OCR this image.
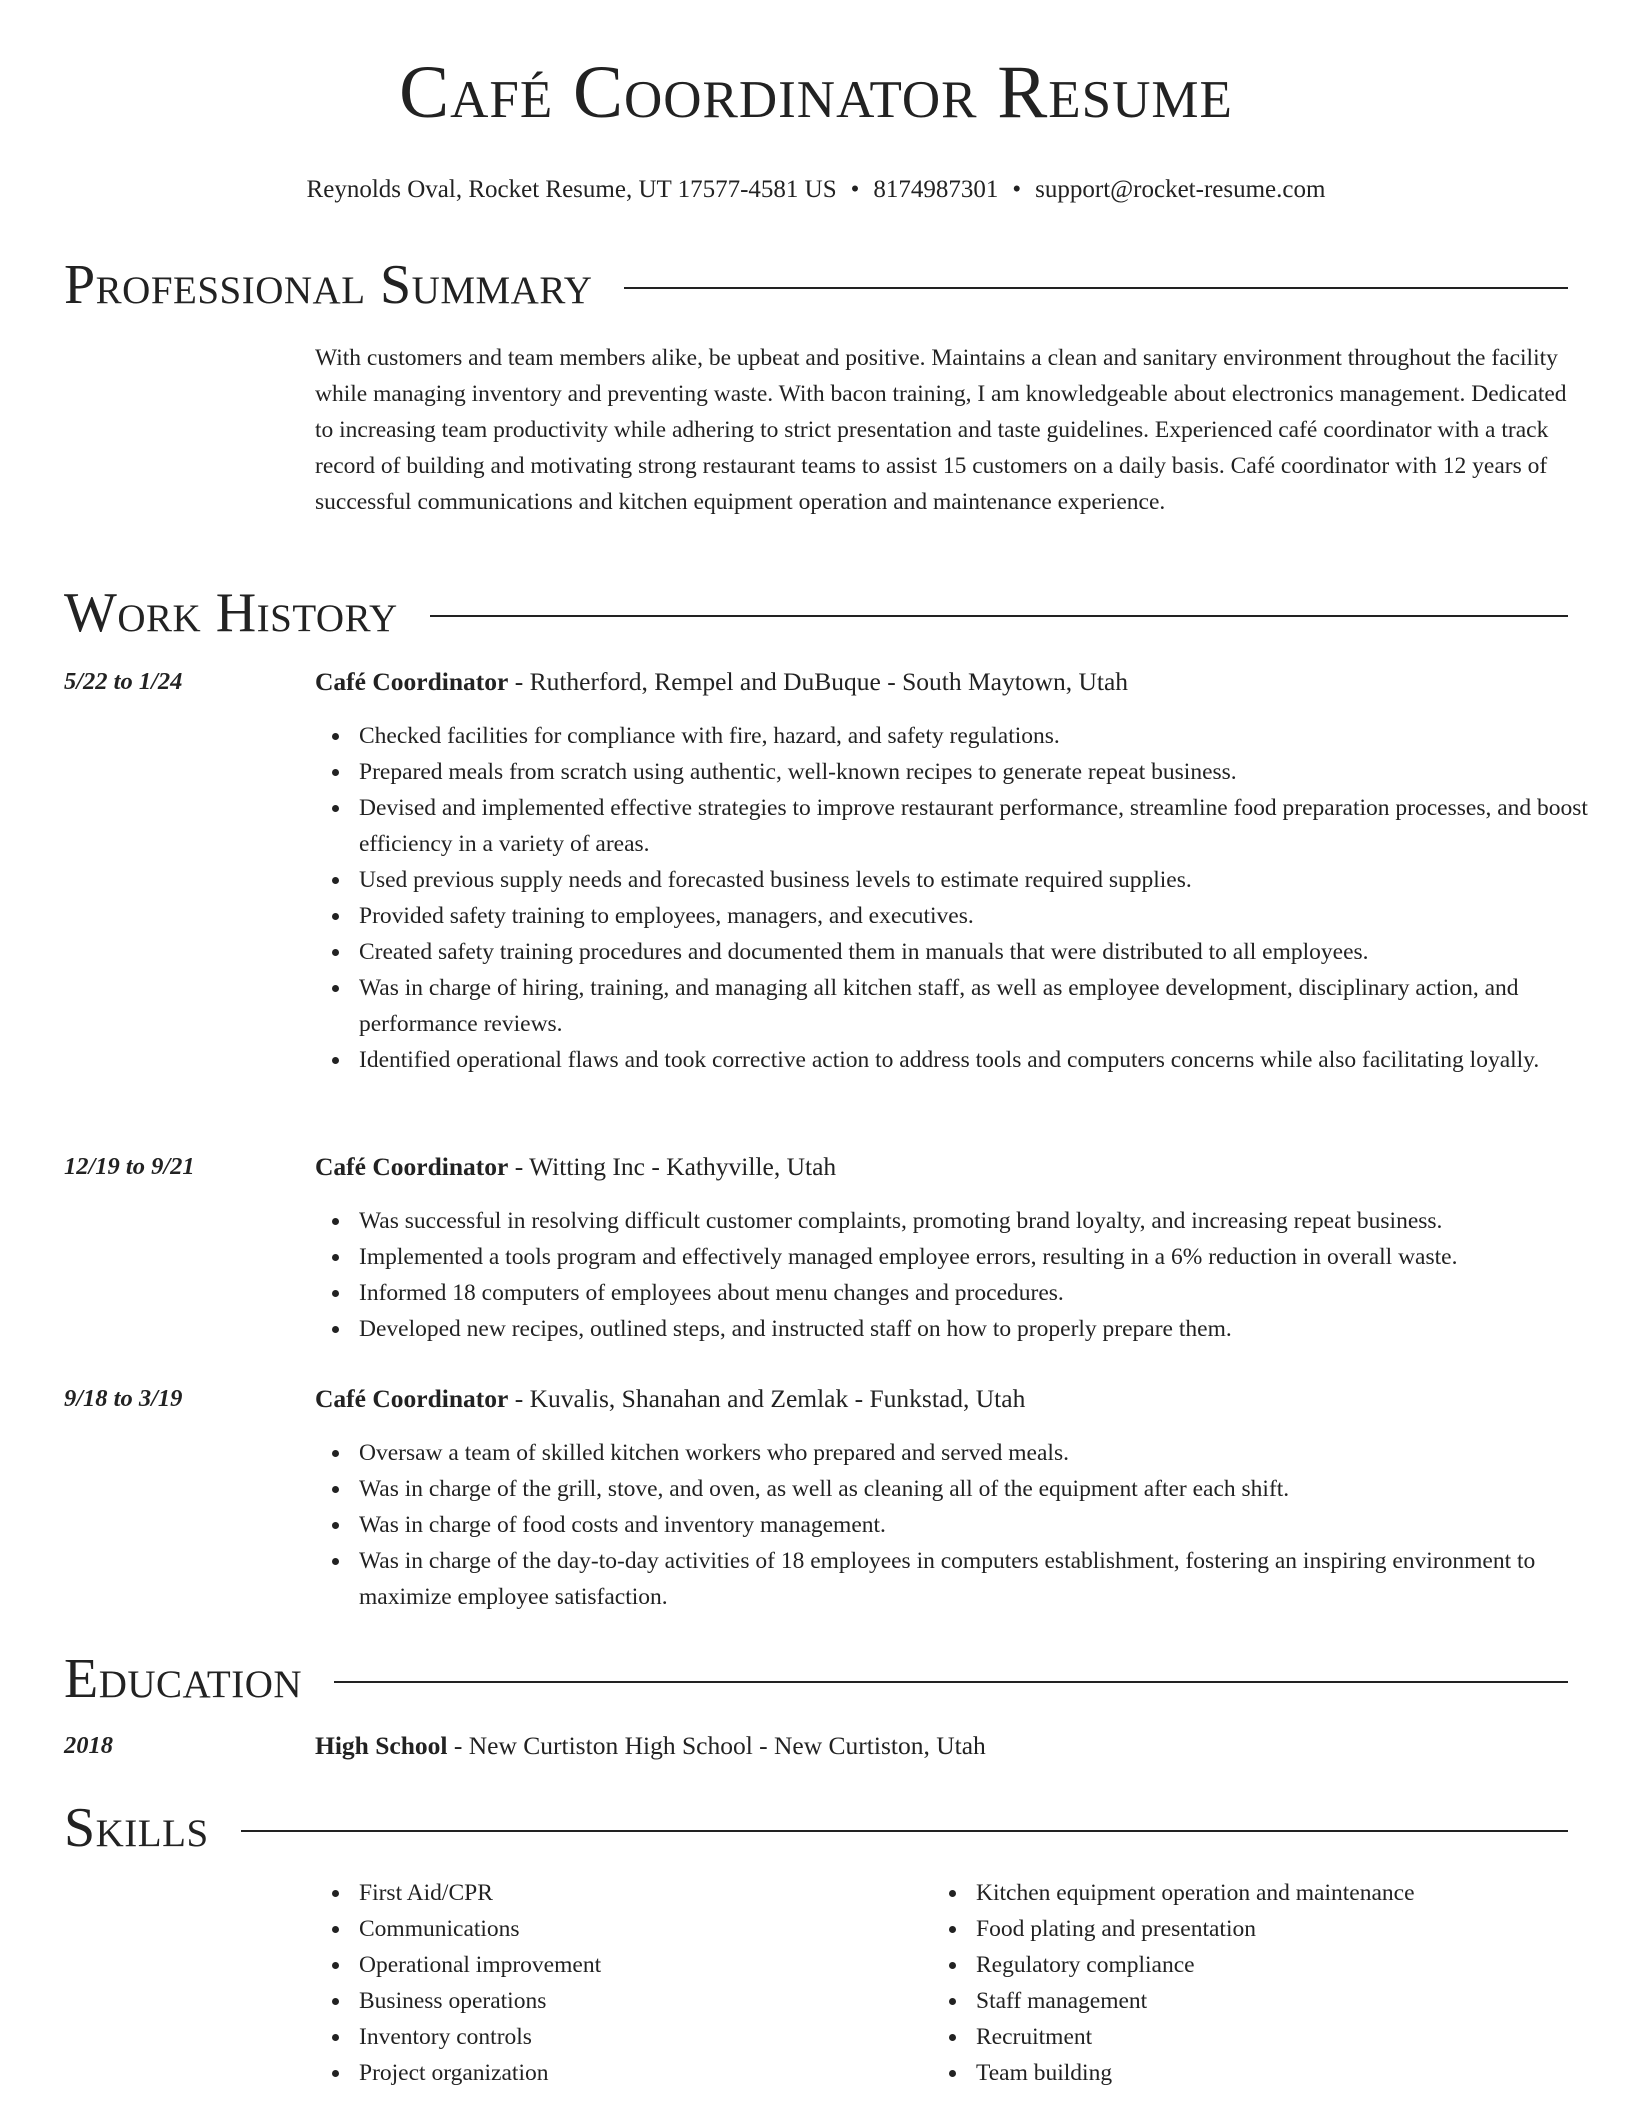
Café Coordinator Resume
Reynolds Oval, Rocket Resume, UT 17577-4581 US • 8174987301 • support@rocket-resume.com
Professional Summary

With customers and team members alike, be upbeat and positive. Maintains a clean and sanitary environment throughout the facility while managing inventory and preventing waste. With bacon training, I am knowledgeable about electronics management. Dedicated to increasing team productivity while adhering to strict presentation and taste guidelines. Experienced café coordinator with a track record of building and motivating strong restaurant teams to assist 15 customers on a daily basis. Café coordinator with 12 years of successful communications and kitchen equipment operation and maintenance experience.

Work History
5/22 to 1/24	Café Coordinator - Rutherford, Rempel and DuBuque - South Maytown, Utah
Checked facilities for compliance with fire, hazard, and safety regulations.
Prepared meals from scratch using authentic, well-known recipes to generate repeat business.
Devised and implemented effective strategies to improve restaurant performance, streamline food preparation processes, and boost efficiency in a variety of areas.
Used previous supply needs and forecasted business levels to estimate required supplies.
Provided safety training to employees, managers, and executives.
Created safety training procedures and documented them in manuals that were distributed to all employees.
Was in charge of hiring, training, and managing all kitchen staff, as well as employee development, disciplinary action, and performance reviews.
Identified operational flaws and took corrective action to address tools and computers concerns while also facilitating loyally.
12/19 to 9/21	Café Coordinator - Witting Inc - Kathyville, Utah
Was successful in resolving difficult customer complaints, promoting brand loyalty, and increasing repeat business.
Implemented a tools program and effectively managed employee errors, resulting in a 6% reduction in overall waste.
Informed 18 computers of employees about menu changes and procedures.
Developed new recipes, outlined steps, and instructed staff on how to properly prepare them.
9/18 to 3/19	Café Coordinator - Kuvalis, Shanahan and Zemlak - Funkstad, Utah
Oversaw a team of skilled kitchen workers who prepared and served meals.
Was in charge of the grill, stove, and oven, as well as cleaning all of the equipment after each shift.
Was in charge of food costs and inventory management.
Was in charge of the day-to-day activities of 18 employees in computers establishment, fostering an inspiring environment to maximize employee satisfaction.
Education
2018	High School - New Curtiston High School - New Curtiston, Utah
Skills
First Aid/CPR
Communications
Operational improvement
Business operations
Inventory controls
Project organization
Kitchen equipment operation and maintenance
Food plating and presentation
Regulatory compliance
Staff management
Recruitment
Team building
